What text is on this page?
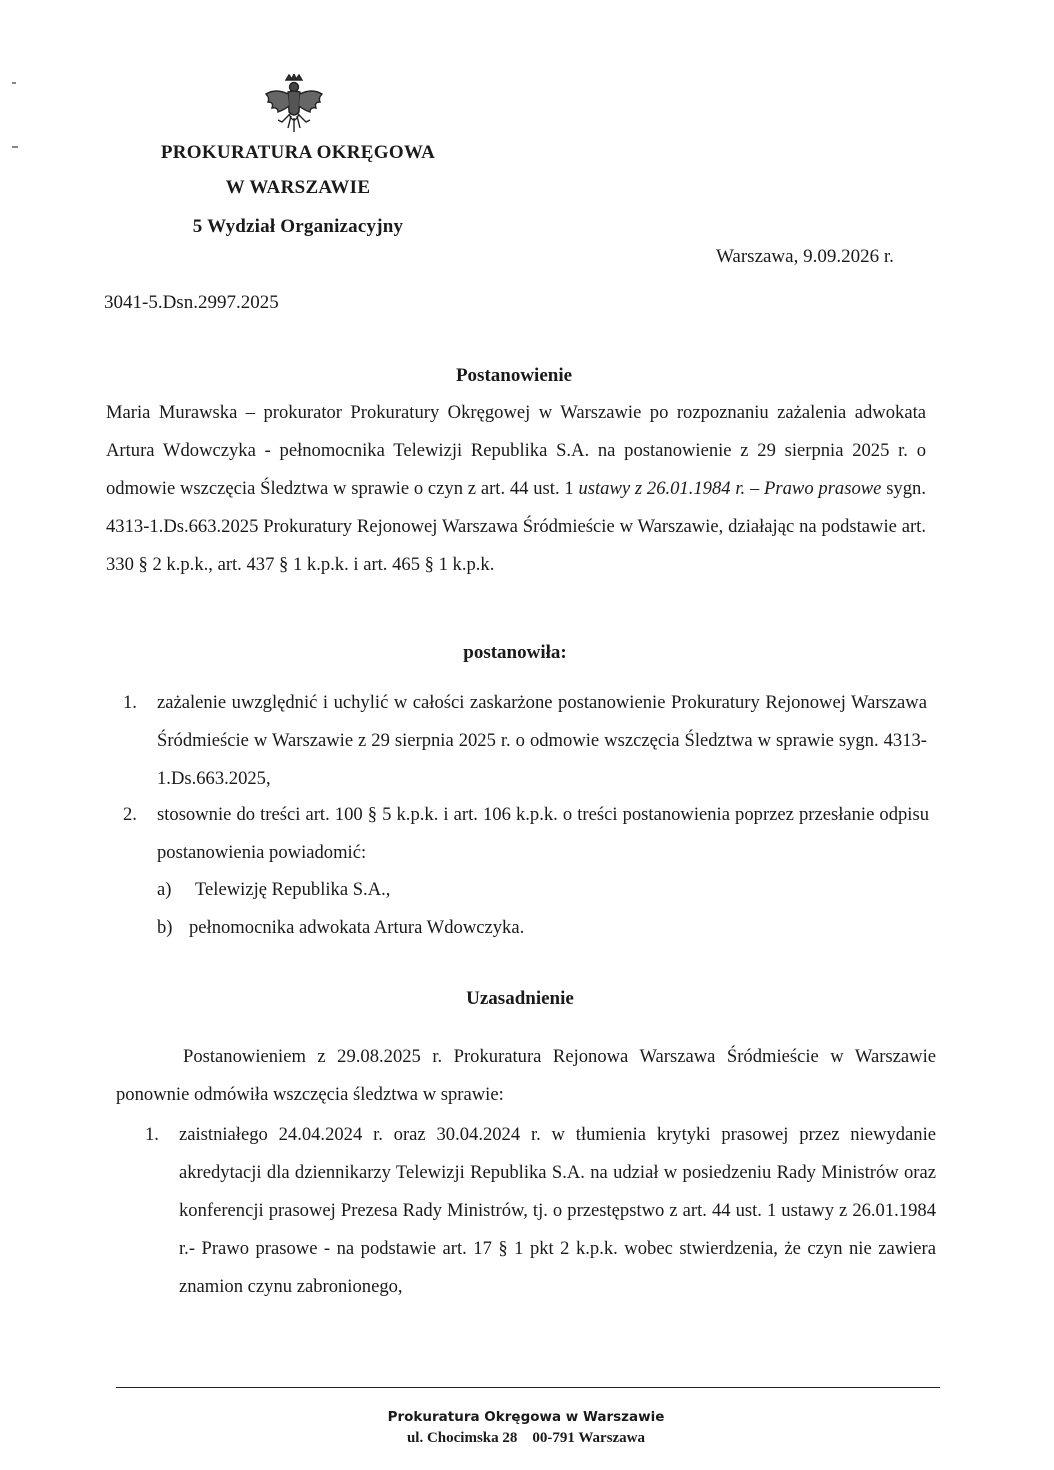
PROKURATURA OKRĘGOWA
W WARSZAWIE
5 Wydział Organizacyjny
Warszawa, 9.09.2026 r.
3041-5.Dsn.2997.2025
Postanowienie
Maria Murawska – prokurator Prokuratury Okręgowej w Warszawie po rozpoznaniu zażalenia adwokata Artura Wdowczyka - pełnomocnika Telewizji Republika S.A. na postanowienie z 29 sierpnia 2025 r. o odmowie wszczęcia Śledztwa w sprawie o czyn z art. 44 ust. 1 ustawy z 26.01.1984 r. – Prawo prasowe sygn. 4313-1.Ds.663.2025 Prokuratury Rejonowej Warszawa Śródmieście w Warszawie, działając na podstawie art. 330 § 2 k.p.k., art. 437 § 1 k.p.k. i art. 465 § 1 k.p.k.
postanowiła:
1. zażalenie uwzględnić i uchylić w całości zaskarżone postanowienie Prokuratury Rejonowej Warszawa Śródmieście w Warszawie z 29 sierpnia 2025 r. o odmowie wszczęcia Śledztwa w sprawie sygn. 4313-1.Ds.663.2025,
2. stosownie do treści art. 100 § 5 k.p.k. i art. 106 k.p.k. o treści postanowienia poprzez przesłanie odpisu postanowienia powiadomić:
a) Telewizję Republika S.A.,
b) pełnomocnika adwokata Artura Wdowczyka.
Uzasadnienie
Postanowieniem z 29.08.2025 r. Prokuratura Rejonowa Warszawa Śródmieście w Warszawie ponownie odmówiła wszczęcia śledztwa w sprawie:
1. zaistniałego 24.04.2024 r. oraz 30.04.2024 r. w tłumienia krytyki prasowej przez niewydanie akredytacji dla dziennikarzy Telewizji Republika S.A. na udział w posiedzeniu Rady Ministrów oraz konferencji prasowej Prezesa Rady Ministrów, tj. o przestępstwo z art. 44 ust. 1 ustawy z 26.01.1984 r.- Prawo prasowe - na podstawie art. 17 § 1 pkt 2 k.p.k. wobec stwierdzenia, że czyn nie zawiera znamion czynu zabronionego,
Prokuratura Okręgowa w Warszawie
ul. Chocimska 28    00-791 Warszawa
